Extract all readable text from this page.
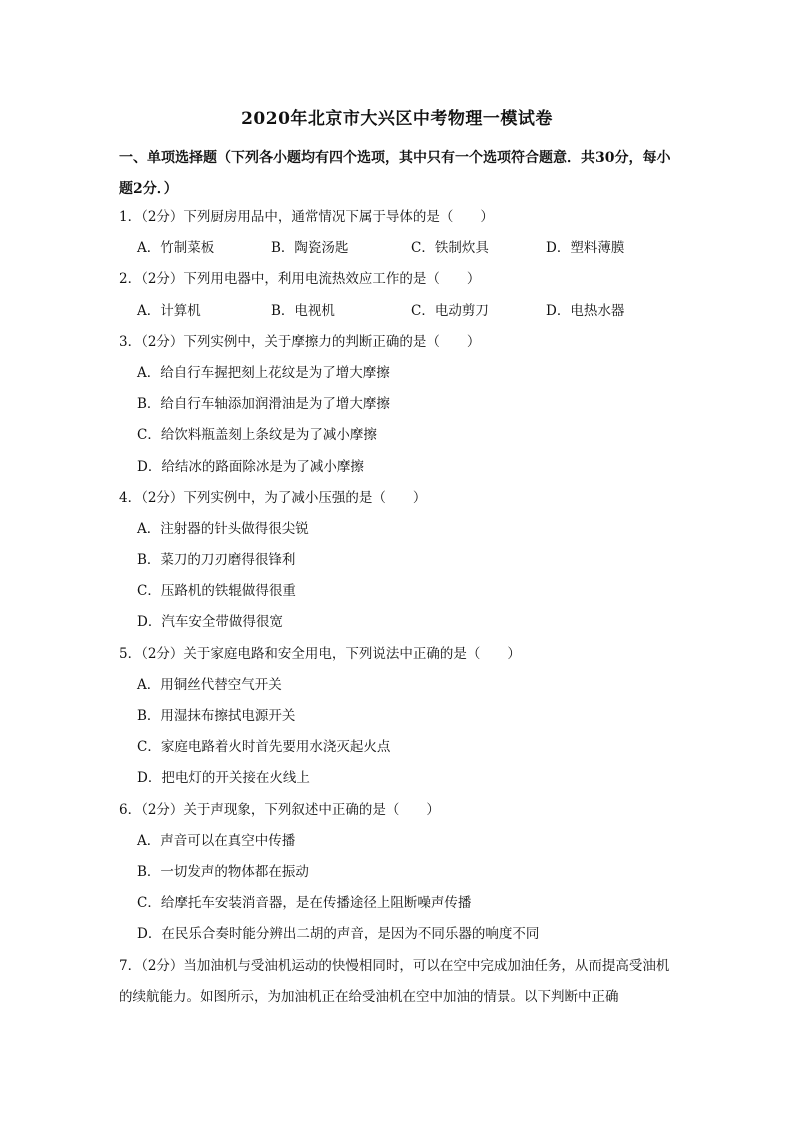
2020年北京市大兴区中考物理一模试卷
一、单项选择题（下列各小题均有四个选项，其中只有一个选项符合题意．共30分，每小题2分．）
1．（2分）下列厨房用品中，通常情况下属于导体的是（　　）
A．竹制菜板	B．陶瓷汤匙	C．铁制炊具	D．塑料薄膜
2．（2分）下列用电器中，利用电流热效应工作的是（　　）
A．计算机	B．电视机	C．电动剪刀	D．电热水器
3．（2分）下列实例中，关于摩擦力的判断正确的是（　　）
A．给自行车握把刻上花纹是为了增大摩擦
B．给自行车轴添加润滑油是为了增大摩擦
C．给饮料瓶盖刻上条纹是为了减小摩擦
D．给结冰的路面除冰是为了减小摩擦
4．（2分）下列实例中，为了减小压强的是（　　）
A．注射器的针头做得很尖锐
B．菜刀的刀刃磨得很锋利
C．压路机的铁辊做得很重
D．汽车安全带做得很宽
5．（2分）关于家庭电路和安全用电，下列说法中正确的是（　　）
A．用铜丝代替空气开关
B．用湿抹布擦拭电源开关
C．家庭电路着火时首先要用水浇灭起火点
D．把电灯的开关接在火线上
6．（2分）关于声现象，下列叙述中正确的是（　　）
A．声音可以在真空中传播
B．一切发声的物体都在振动
C．给摩托车安装消音器，是在传播途径上阻断噪声传播
D．在民乐合奏时能分辨出二胡的声音，是因为不同乐器的响度不同
7．（2分）当加油机与受油机运动的快慢相同时，可以在空中完成加油任务，从而提高受油机的续航能力。如图所示，为加油机正在给受油机在空中加油的情景。以下判断中正确
